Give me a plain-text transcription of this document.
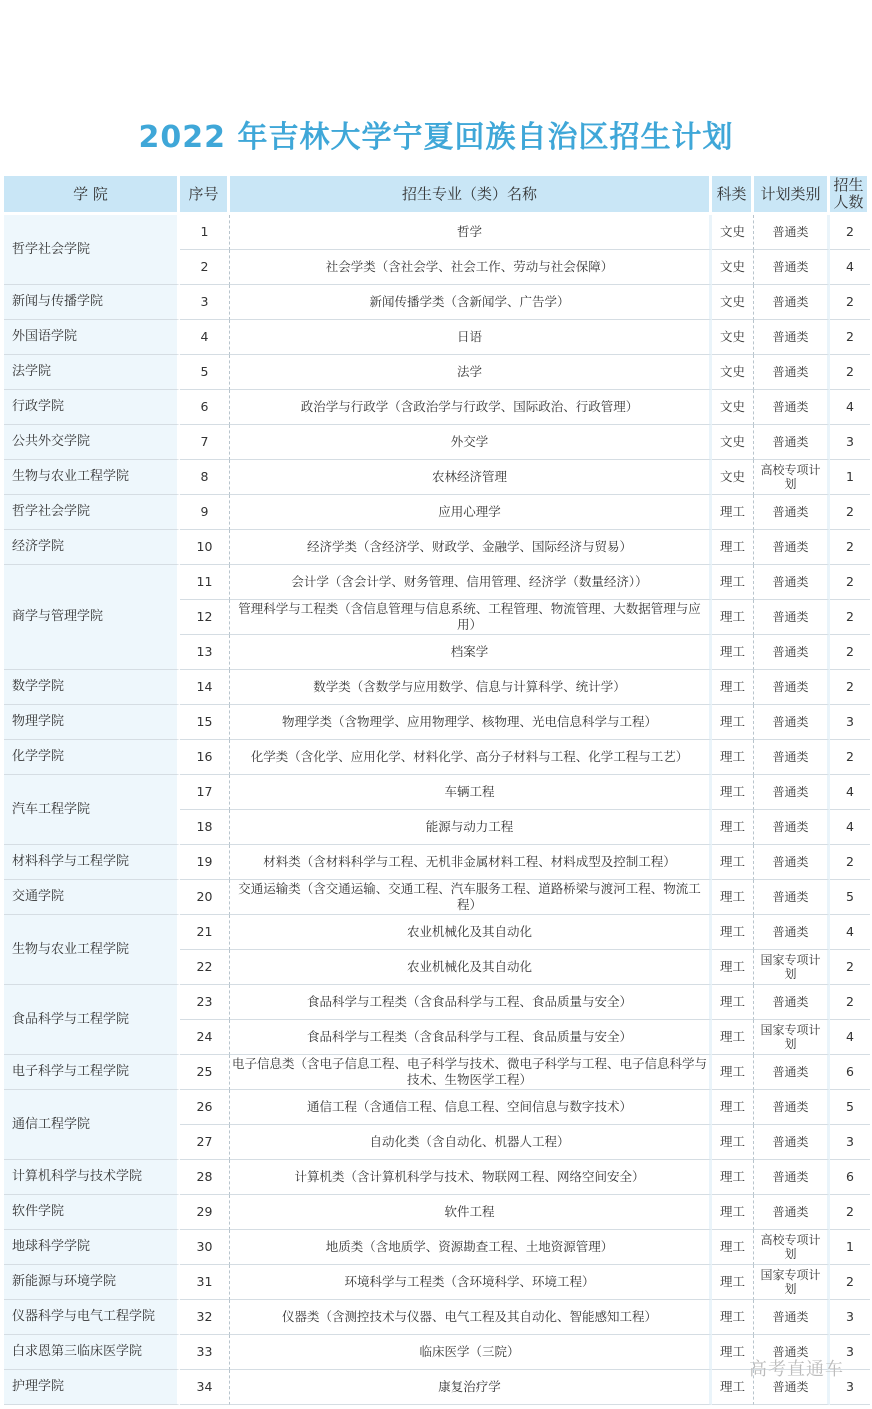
2022 年吉林大学宁夏回族自治区招生计划
学 院	序号	招生专业（类）名称	科类	计划类别	招生人数
哲学社会学院	1	哲学	文史	普通类	2
	2	社会学类（含社会学、社会工作、劳动与社会保障）	文史	普通类	4
新闻与传播学院	3	新闻传播学类（含新闻学、广告学）	文史	普通类	2
外国语学院	4	日语	文史	普通类	2
法学院	5	法学	文史	普通类	2
行政学院	6	政治学与行政学（含政治学与行政学、国际政治、行政管理）	文史	普通类	4
公共外交学院	7	外交学	文史	普通类	3
生物与农业工程学院	8	农林经济管理	文史	高校专项计划	1
哲学社会学院	9	应用心理学	理工	普通类	2
经济学院	10	经济学类（含经济学、财政学、金融学、国际经济与贸易）	理工	普通类	2
商学与管理学院	11	会计学（含会计学、财务管理、信用管理、经济学（数量经济））	理工	普通类	2
	12	管理科学与工程类（含信息管理与信息系统、工程管理、物流管理、大数据管理与应用）	理工	普通类	2
	13	档案学	理工	普通类	2
数学学院	14	数学类（含数学与应用数学、信息与计算科学、统计学）	理工	普通类	2
物理学院	15	物理学类（含物理学、应用物理学、核物理、光电信息科学与工程）	理工	普通类	3
化学学院	16	化学类（含化学、应用化学、材料化学、高分子材料与工程、化学工程与工艺）	理工	普通类	2
汽车工程学院	17	车辆工程	理工	普通类	4
	18	能源与动力工程	理工	普通类	4
材料科学与工程学院	19	材料类（含材料科学与工程、无机非金属材料工程、材料成型及控制工程）	理工	普通类	2
交通学院	20	交通运输类（含交通运输、交通工程、汽车服务工程、道路桥梁与渡河工程、物流工程）	理工	普通类	5
生物与农业工程学院	21	农业机械化及其自动化	理工	普通类	4
	22	农业机械化及其自动化	理工	国家专项计划	2
食品科学与工程学院	23	食品科学与工程类（含食品科学与工程、食品质量与安全）	理工	普通类	2
	24	食品科学与工程类（含食品科学与工程、食品质量与安全）	理工	国家专项计划	4
电子科学与工程学院	25	电子信息类（含电子信息工程、电子科学与技术、微电子科学与工程、电子信息科学与技术、生物医学工程）	理工	普通类	6
通信工程学院	26	通信工程（含通信工程、信息工程、空间信息与数字技术）	理工	普通类	5
	27	自动化类（含自动化、机器人工程）	理工	普通类	3
计算机科学与技术学院	28	计算机类（含计算机科学与技术、物联网工程、网络空间安全）	理工	普通类	6
软件学院	29	软件工程	理工	普通类	2
地球科学学院	30	地质类（含地质学、资源勘查工程、土地资源管理）	理工	高校专项计划	1
新能源与环境学院	31	环境科学与工程类（含环境科学、环境工程）	理工	国家专项计划	2
仪器科学与电气工程学院	32	仪器类（含测控技术与仪器、电气工程及其自动化、智能感知工程）	理工	普通类	3
白求恩第三临床医学院	33	临床医学（三院）	理工	普通类	3
护理学院	34	康复治疗学	理工	普通类	3
高考直通车
